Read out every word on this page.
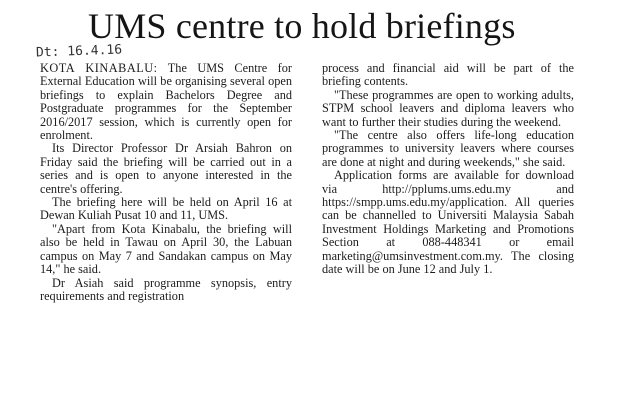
UMS centre to hold briefings
Dt: 16.4.16

KOTA KINABALU: The UMS Centre for External Education will be organising several open briefings to explain Bachelors Degree and Postgraduate programmes for the September 2016/2017 session, which is currently open for enrolment.

Its Director Professor Dr Arsiah Bahron on Friday said the briefing will be carried out in a series and is open to anyone interested in the centre's offering.

The briefing here will be held on April 16 at Dewan Kuliah Pusat 10 and 11, UMS.

"Apart from Kota Kinabalu, the briefing will also be held in Tawau on April 30, the Labuan campus on May 7 and Sandakan campus on May 14," he said.

Dr Asiah said programme synopsis, entry requirements and registration

process and financial aid will be part of the briefing contents.

"These programmes are open to working adults, STPM school leavers and diploma leavers who want to further their studies during the weekend.

"The centre also offers life-long education programmes to university leavers where courses are done at night and during weekends," she said.

Application forms are available for download via http://pplums.ums.edu.my and https://smpp.ums.edu.my/application. All queries can be channelled to Universiti Malaysia Sabah Investment Holdings Marketing and Promotions Section at 088-448341 or email marketing@umsinvestment.com.my. The closing date will be on June 12 and July 1.
